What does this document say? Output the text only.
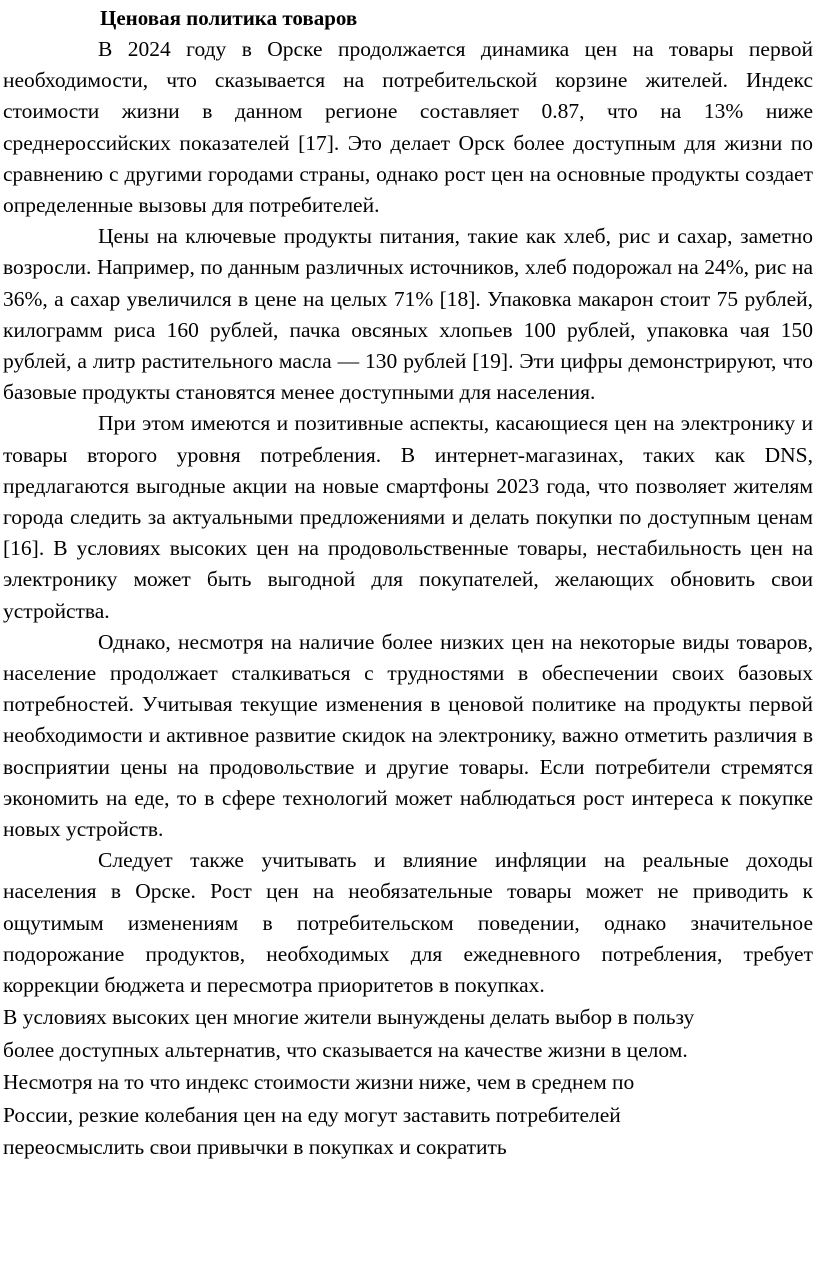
Ценовая политика товаров

В 2024 году в Орске продолжается динамика цен на товары первой необходимости, что сказывается на потребительской корзине жителей. Индекс стоимости жизни в данном регионе составляет 0.87, что на 13% ниже среднероссийских показателей [17]. Это делает Орск более доступным для жизни по сравнению с другими городами страны, однако рост цен на основные продукты создает определенные вызовы для потребителей.

Цены на ключевые продукты питания, такие как хлеб, рис и сахар, заметно возросли. Например, по данным различных источников, хлеб подорожал на 24%, рис на 36%, а сахар увеличился в цене на целых 71% [18]. Упаковка макарон стоит 75 рублей, килограмм риса 160 рублей, пачка овсяных хлопьев 100 рублей, упаковка чая 150 рублей, а литр растительного масла — 130 рублей [19]. Эти цифры демонстрируют, что базовые продукты становятся менее доступными для населения.

При этом имеются и позитивные аспекты, касающиеся цен на электронику и товары второго уровня потребления. В интернет-магазинах, таких как DNS, предлагаются выгодные акции на новые смартфоны 2023 года, что позволяет жителям города следить за актуальными предложениями и делать покупки по доступным ценам [16]. В условиях высоких цен на продовольственные товары, нестабильность цен на электронику может быть выгодной для покупателей, желающих обновить свои устройства.

Однако, несмотря на наличие более низких цен на некоторые виды товаров, население продолжает сталкиваться с трудностями в обеспечении своих базовых потребностей. Учитывая текущие изменения в ценовой политике на продукты первой необходимости и активное развитие скидок на электронику, важно отметить различия в восприятии цены на продовольствие и другие товары. Если потребители стремятся экономить на еде, то в сфере технологий может наблюдаться рост интереса к покупке новых устройств.

Следует также учитывать и влияние инфляции на реальные доходы населения в Орске. Рост цен на необязательные товары может не приводить к ощутимым изменениям в потребительском поведении, однако значительное подорожание продуктов, необходимых для ежедневного потребления, требует коррекции бюджета и пересмотра приоритетов в покупках.

В условиях высоких цен многие жители вынуждены делать выбор в пользу

более доступных альтернатив, что сказывается на качестве жизни в целом.

Несмотря на то что индекс стоимости жизни ниже, чем в среднем по

России, резкие колебания цен на еду могут заставить потребителей

переосмыслить свои привычки в покупках и сократить
